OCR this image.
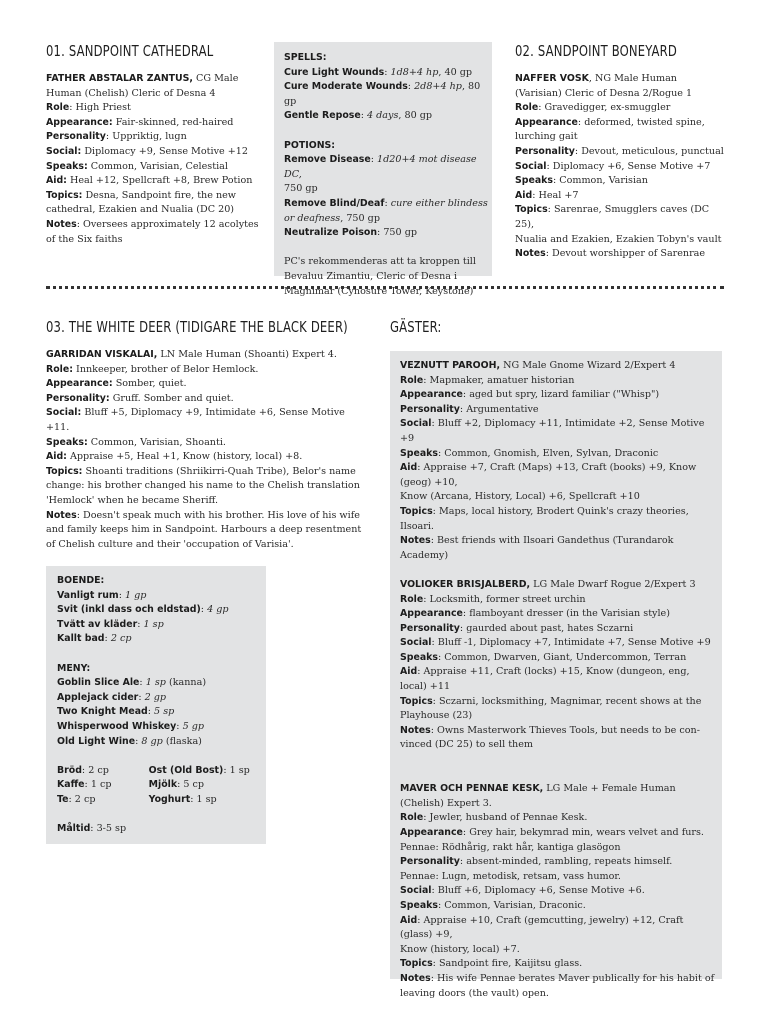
01. SANDPOINT CATHEDRAL
FATHER ABSTALAR ZANTUS, CG Male
Human (Chelish) Cleric of Desna 4
Role: High Priest
Appearance: Fair-skinned, red-haired
Personality: Uppriktig, lugn
Social: Diplomacy +9, Sense Motive +12
Speaks: Common, Varisian, Celestial
Aid: Heal +12, Spellcraft +8, Brew Potion
Topics: Desna, Sandpoint fire, the new
cathedral, Ezakien and Nualia (DC 20)
Notes: Oversees approximately 12 acolytes
of the Six faiths
SPELLS:
Cure Light Wounds: 1d8+4 hp, 40 gp
Cure Moderate Wounds: 2d8+4 hp, 80 gp
Gentle Repose: 4 days, 80 gp
POTIONS:
Remove Disease: 1d20+4 mot disease DC,
750 gp
Remove Blind/Deaf: cure either blindess
or deafness, 750 gp
Neutralize Poison: 750 gp
PC's rekommenderas att ta kroppen till
Bevaluu Zimantiu, Cleric of Desna i
Magnimar (Cynosure Tower, Keystone)
02. SANDPOINT BONEYARD
NAFFER VOSK, NG Male Human
(Varisian) Cleric of Desna 2/Rogue 1
Role: Gravedigger, ex-smuggler
Appearance: deformed, twisted spine,
lurching gait
Personality: Devout, meticulous, punctual
Social: Diplomacy +6, Sense Motive +7
Speaks: Common, Varisian
Aid: Heal +7
Topics: Sarenrae, Smugglers caves (DC 25),
Nualia and Ezakien, Ezakien Tobyn's vault
Notes: Devout worshipper of Sarenrae
03. THE WHITE DEER (TIDIGARE THE BLACK DEER)
GARRIDAN VISKALAI, LN Male Human (Shoanti) Expert 4.
Role: Innkeeper, brother of Belor Hemlock.
Appearance: Somber, quiet.
Personality: Gruff. Somber and quiet.
Social: Bluff +5, Diplomacy +9, Intimidate +6, Sense Motive +11.
Speaks: Common, Varisian, Shoanti.
Aid: Appraise +5, Heal +1, Know (history, local) +8.
Topics: Shoanti traditions (Shriikirri-Quah Tribe), Belor's name
change: his brother changed his name to the Chelish translation
'Hemlock' when he became Sheriff.
Notes: Doesn't speak much with his brother. His love of his wife
and family keeps him in Sandpoint. Harbours a deep resentment
of Chelish culture and their 'occupation of Varisia'.
BOENDE:
Vanligt rum: 1 gp
Svit (inkl dass och eldstad): 4 gp
Tvätt av kläder: 1 sp
Kallt bad: 2 cp
MENY:
Goblin Slice Ale: 1 sp (kanna)
Applejack cider: 2 gp
Two Knight Mead: 5 sp
Whisperwood Whiskey: 5 gp
Old Light Wine: 8 gp (flaska)
Bröd: 2 cp
Kaffe: 1 cp
Te: 2 cp
Ost (Old Bost): 1 sp
Mjölk: 5 cp
Yoghurt: 1 sp
Måltid: 3-5 sp
GÄSTER:
VEZNUTT PAROOH, NG Male Gnome Wizard 2/Expert 4
Role: Mapmaker, amatuer historian
Appearance: aged but spry, lizard familiar ("Whisp")
Personality: Argumentative
Social: Bluff +2, Diplomacy +11, Intimidate +2, Sense Motive +9
Speaks: Common, Gnomish, Elven, Sylvan, Draconic
Aid: Appraise +7, Craft (Maps) +13, Craft (books) +9, Know (geog) +10,
Know (Arcana, History, Local) +6, Spellcraft +10
Topics: Maps, local history, Brodert Quink's crazy theories, Ilsoari.
Notes: Best friends with Ilsoari Gandethus (Turandarok Academy)
VOLIOKER BRISJALBERD, LG Male Dwarf Rogue 2/Expert 3
Role: Locksmith, former street urchin
Appearance: flamboyant dresser (in the Varisian style)
Personality: gaurded about past, hates Sczarni
Social: Bluff -1, Diplomacy +7, Intimidate +7, Sense Motive +9
Speaks: Common, Dwarven, Giant, Undercommon, Terran
Aid: Appraise +11, Craft (locks) +15, Know (dungeon, eng, local) +11
Topics: Sczarni, locksmithing, Magnimar, recent shows at the
Playhouse (23)
Notes: Owns Masterwork Thieves Tools, but needs to be con-
vinced (DC 25) to sell them
MAVER OCH PENNAE KESK, LG Male + Female Human
(Chelish) Expert 3.
Role: Jewler, husband of Pennae Kesk.
Appearance: Grey hair, bekymrad min, wears velvet and furs.
Pennae: Rödhårig, rakt hår, kantiga glasögon
Personality: absent-minded, rambling, repeats himself.
Pennae: Lugn, metodisk, retsam, vass humor.
Social: Bluff +6, Diplomacy +6, Sense Motive +6.
Speaks: Common, Varisian, Draconic.
Aid: Appraise +10, Craft (gemcutting, jewelry) +12, Craft (glass) +9,
Know (history, local) +7.
Topics: Sandpoint fire, Kaijitsu glass.
Notes: His wife Pennae berates Maver publically for his habit of
leaving doors (the vault) open.
